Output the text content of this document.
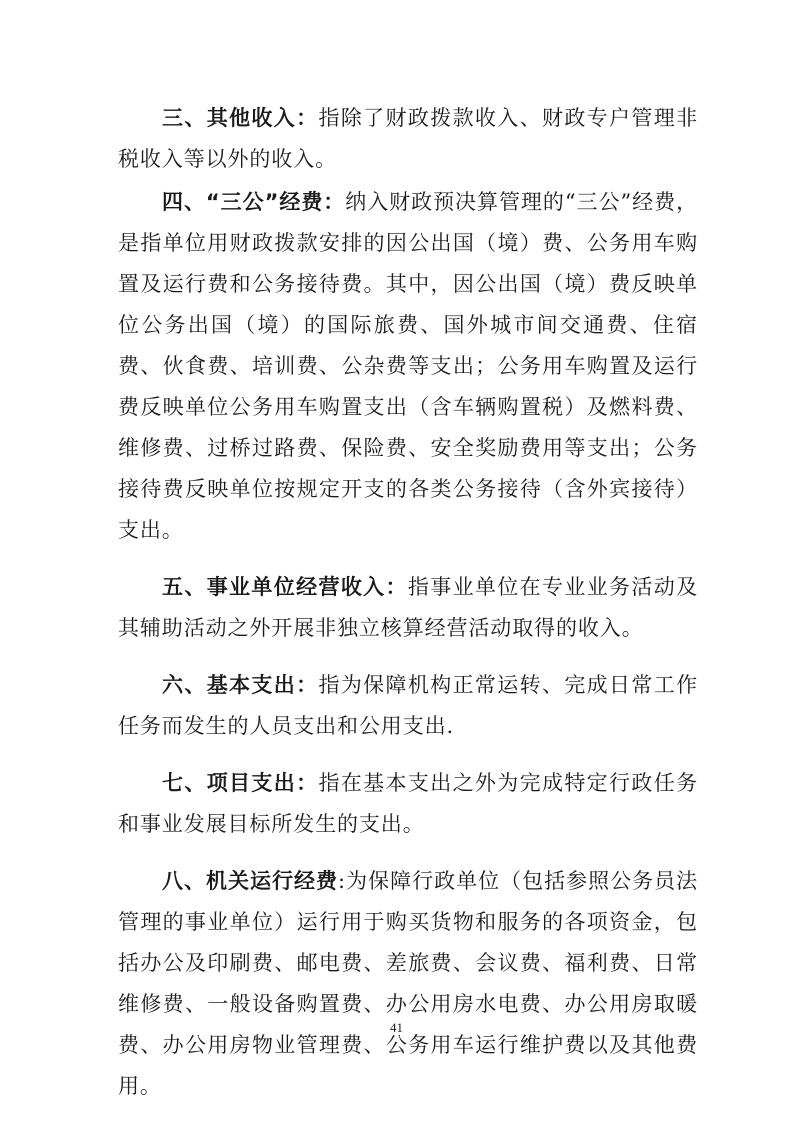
三、其他收入：指除了财政拨款收入、财政专户管理非税收入等以外的收入。

四、“三公”经费：纳入财政预决算管理的“三公”经费，是指单位用财政拨款安排的因公出国（境）费、公务用车购置及运行费和公务接待费。其中，因公出国（境）费反映单位公务出国（境）的国际旅费、国外城市间交通费、住宿费、伙食费、培训费、公杂费等支出；公务用车购置及运行费反映单位公务用车购置支出（含车辆购置税）及燃料费、维修费、过桥过路费、保险费、安全奖励费用等支出；公务接待费反映单位按规定开支的各类公务接待（含外宾接待）支出。

五、事业单位经营收入：指事业单位在专业业务活动及其辅助活动之外开展非独立核算经营活动取得的收入。

六、基本支出：指为保障机构正常运转、完成日常工作任务而发生的人员支出和公用支出.

七、项目支出：指在基本支出之外为完成特定行政任务和事业发展目标所发生的支出。

八、机关运行经费:为保障行政单位（包括参照公务员法管理的事业单位）运行用于购买货物和服务的各项资金，包括办公及印刷费、邮电费、差旅费、会议费、福利费、日常维修费、一般设备购置费、办公用房水电费、办公用房取暖费、办公用房物业管理费、公务用车运行维护费以及其他费用。

41
